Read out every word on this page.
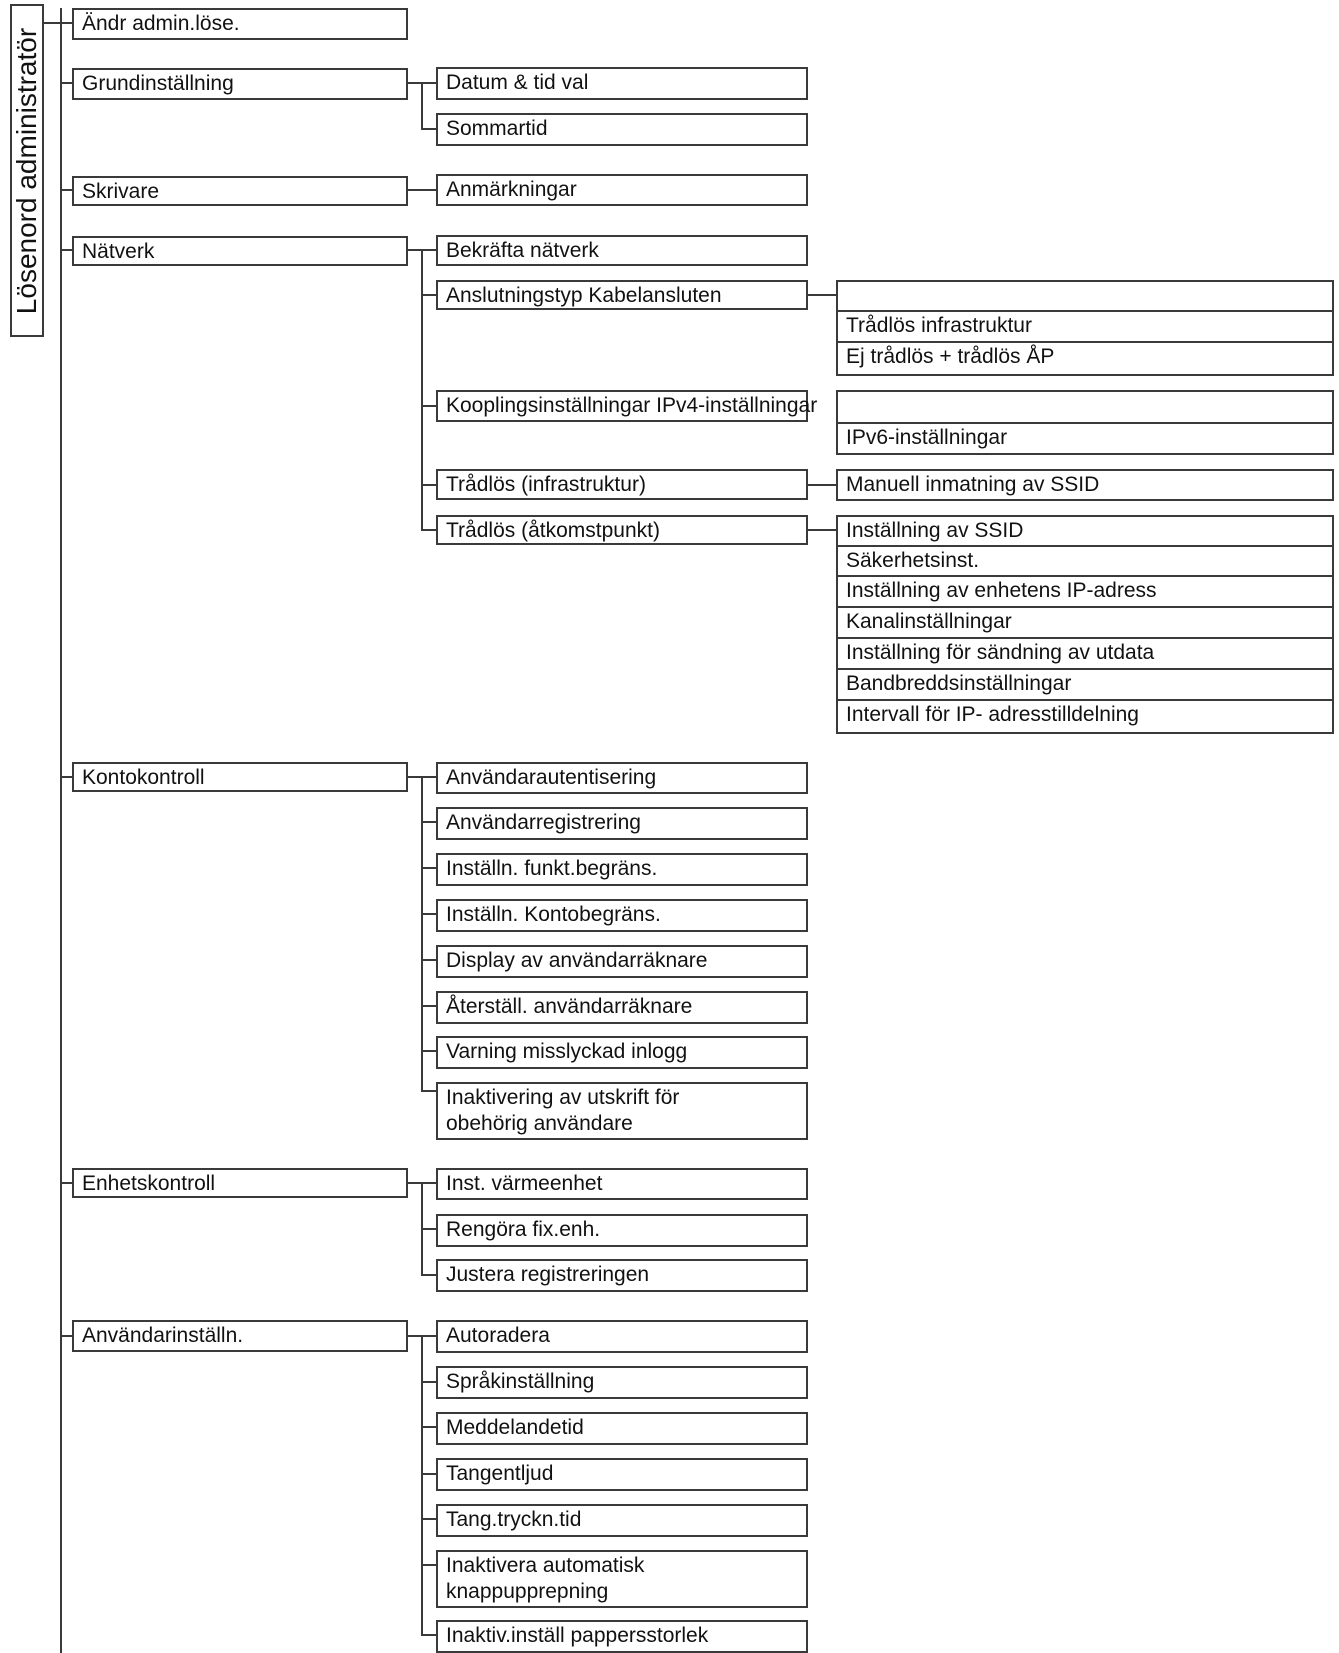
Lösenord administratör
Ändr admin.löse.
Grundinställning
Skrivare
Nätverk
Kontokontroll
Enhetskontroll
Användarinställn.
Datum & tid val
Sommartid
Anmärkningar
Bekräfta nätverk
Anslutningstyp Kabelansluten
Kooplingsinställningar IPv4-inställningar
Trådlös (infrastruktur)
Trådlös (åtkomstpunkt)
Trådlös infrastruktur
Ej trådlös + trådlös ÅP
IPv6-inställningar
Manuell inmatning av SSID
Inställning av SSID
Säkerhetsinst.
Inställning av enhetens IP-adress
Kanalinställningar
Inställning för sändning av utdata
Bandbreddsinställningar
Intervall för IP- adresstilldelning
Användarautentisering
Användarregistrering
Inställn. funkt.begräns.
Inställn. Kontobegräns.
Display av användarräknare
Återställ. användarräknare
Varning misslyckad inlogg
Inaktivering av utskrift för obehörig användare
Inst. värmeenhet
Rengöra fix.enh.
Justera registreringen
Autoradera
Språkinställning
Meddelandetid
Tangentljud
Tang.tryckn.tid
Inaktivera automatisk knappupprepning
Inaktiv.inställ pappersstorlek
